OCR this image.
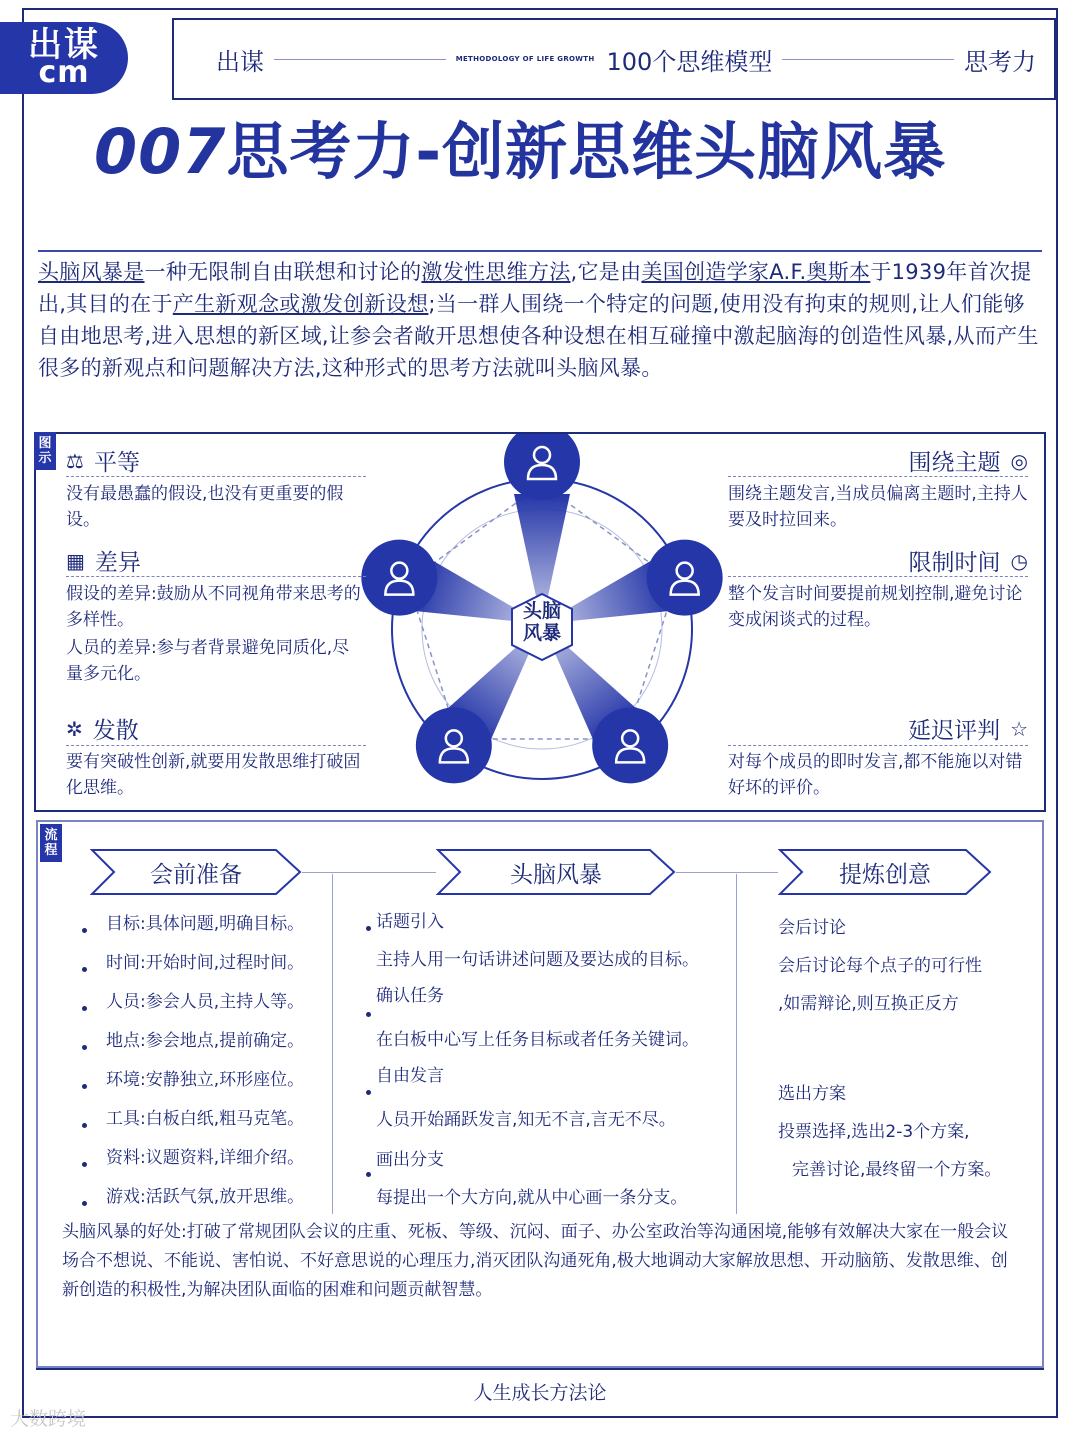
出谋
cm	出谋	METHODOLOGY OF LIFE GROWTH 100个思维模型	思考力
007思考力-创新思维头脑风暴
头脑风暴是一种无限制自由联想和讨论的激发性思维方法,它是由美国创造学家A.F.奥斯本于1939年首次提出,其目的在于产生新观念或激发创新设想;当一群人围绕一个特定的问题,使用没有拘束的规则,让人们能够自由地思考,进入思想的新区域,让参会者敞开思想使各种设想在相互碰撞中激起脑海的创造性风暴,从而产生很多的新观点和问题解决方法,这种形式的思考方法就叫头脑风暴。
图示
头脑
风暴
⚖ 平等
没有最愚蠢的假设,也没有更重要的假设。
▦ 差异
假设的差异:鼓励从不同视角带来思考的多样性。
人员的差异:参与者背景避免同质化,尽量多元化。
✲ 发散
要有突破性创新,就要用发散思维打破固化思维。
围绕主题 ◎
围绕主题发言,当成员偏离主题时,主持人要及时拉回来。
限制时间 ◷
整个发言时间要提前规划控制,避免讨论变成闲谈式的过程。
延迟评判 ☆
对每个成员的即时发言,都不能施以对错好坏的评价。
流程
会前准备	头脑风暴	提炼创意
目标:具体问题,明确目标。
时间:开始时间,过程时间。
人员:参会人员,主持人等。
地点:参会地点,提前确定。
环境:安静独立,环形座位。
工具:白板白纸,粗马克笔。
资料:议题资料,详细介绍。
游戏:活跃气氛,放开思维。
话题引入
主持人用一句话讲述问题及要达成的目标。
确认任务
在白板中心写上任务目标或者任务关键词。
自由发言
人员开始踊跃发言,知无不言,言无不尽。
画出分支
每提出一个大方向,就从中心画一条分支。
会后讨论
会后讨论每个点子的可行性
,如需辩论,则互换正反方
选出方案
投票选择,选出2-3个方案,
完善讨论,最终留一个方案。
头脑风暴的好处:打破了常规团队会议的庄重、死板、等级、沉闷、面子、办公室政治等沟通困境,能够有效解决大家在一般会议场合不想说、不能说、害怕说、不好意思说的心理压力,消灭团队沟通死角,极大地调动大家解放思想、开动脑筋、发散思维、创新创造的积极性,为解决团队面临的困难和问题贡献智慧。
人生成长方法论
大数跨境
